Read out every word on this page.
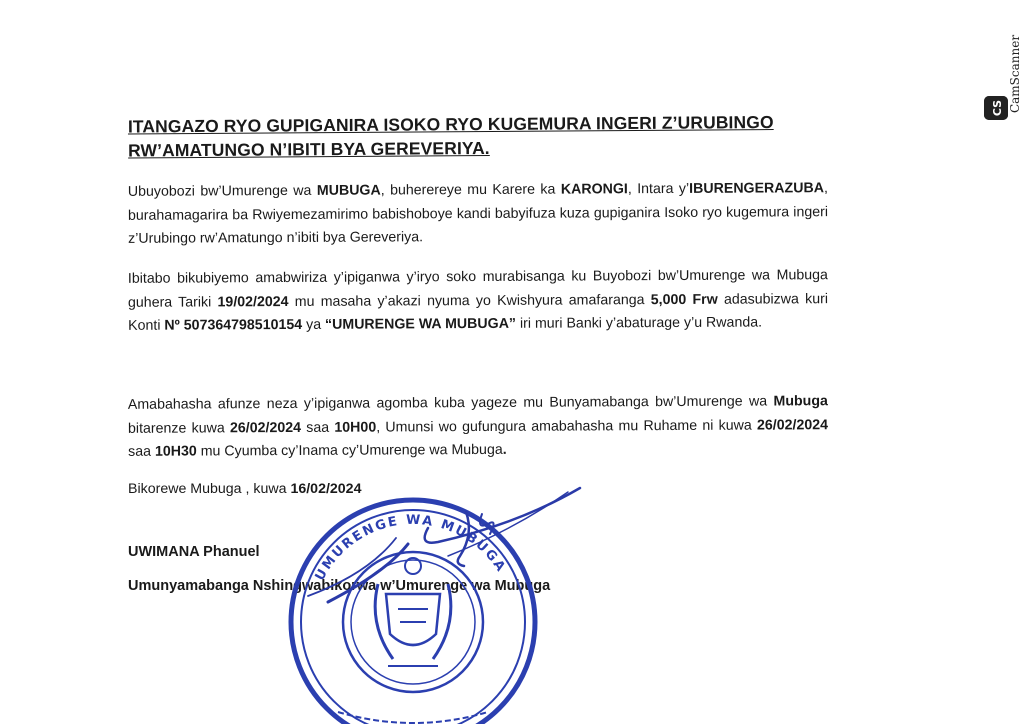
ITANGAZO RYO GUPIGANIRA ISOKO RYO KUGEMURA INGERI Z’URUBINGO
RW’AMATUNGO N’IBITI BYA GEREVERIYA.
Ubuyobozi bw’Umurenge wa MUBUGA, buherereye mu Karere ka KARONGI, Intara y’IBURENGERAZUBA, burahamagarira ba Rwiyemezamirimo babishoboye kandi babyifuza kuza gupiganira Isoko ryo kugemura ingeri z’Urubingo rw’Amatungo n’ibiti bya Gereveriya.
Ibitabo bikubiyemo amabwiriza y’ipiganwa y’iryo soko murabisanga ku Buyobozi bw’Umurenge wa Mubuga guhera Tariki 19/02/2024 mu masaha y’akazi nyuma yo Kwishyura amafaranga 5,000 Frw adasubizwa kuri Konti Nº 507364798510154 ya “UMURENGE WA MUBUGA” iri muri Banki y’abaturage y’u Rwanda.
Amabahasha afunze neza y’ipiganwa agomba kuba yageze mu Bunyamabanga bw’Umurenge wa Mubuga bitarenze kuwa 26/02/2024 saa 10H00, Umunsi wo gufungura amabahasha mu Ruhame ni kuwa 26/02/2024 saa 10H30 mu Cyumba cy’Inama cy’Umurenge wa Mubuga.
Bikorewe Mubuga , kuwa 16/02/2024
UWIMANA Phanuel
Umunyamabanga Nshingwabikorwa w’Umurenge wa Mubuga
UMURENGE WA MUBUGA
CS CamScanner
